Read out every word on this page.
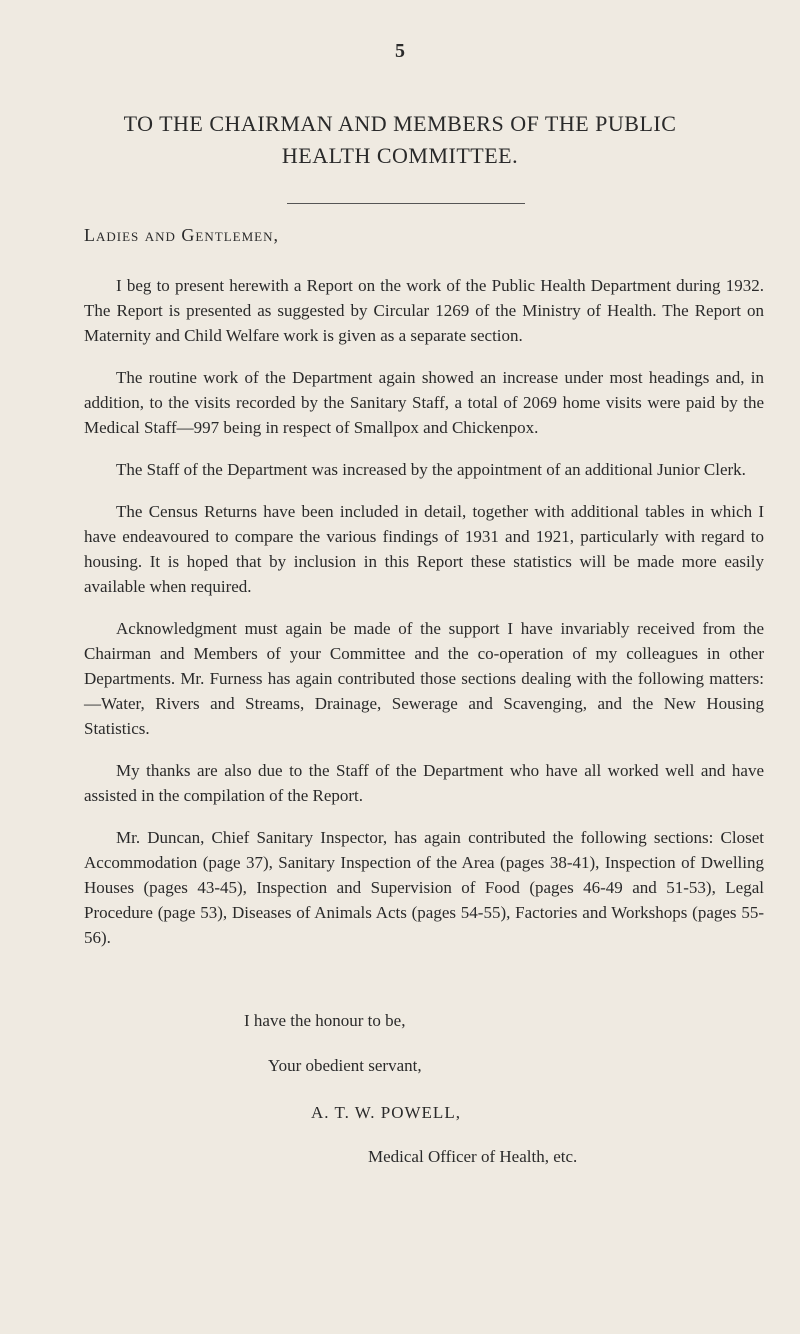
5
TO THE CHAIRMAN AND MEMBERS OF THE PUBLIC
HEALTH COMMITTEE.
Ladies and Gentlemen,

I beg to present herewith a Report on the work of the Public Health Department during 1932. The Report is presented as suggested by Circular 1269 of the Ministry of Health. The Report on Maternity and Child Welfare work is given as a separate section.

The routine work of the Department again showed an increase under most headings and, in addition, to the visits recorded by the Sanitary Staff, a total of 2069 home visits were paid by the Medical Staff—997 being in respect of Smallpox and Chickenpox.

The Staff of the Department was increased by the appointment of an additional Junior Clerk.

The Census Returns have been included in detail, together with additional tables in which I have endeavoured to compare the various findings of 1931 and 1921, particularly with regard to housing. It is hoped that by inclusion in this Report these statistics will be made more easily available when required.

Acknowledgment must again be made of the support I have invariably received from the Chairman and Members of your Committee and the co-operation of my colleagues in other Departments. Mr. Furness has again contributed those sections dealing with the following matters:—Water, Rivers and Streams, Drainage, Sewerage and Scavenging, and the New Housing Statistics.

My thanks are also due to the Staff of the Department who have all worked well and have assisted in the compilation of the Report.

Mr. Duncan, Chief Sanitary Inspector, has again contributed the following sections: Closet Accommodation (page 37), Sanitary Inspection of the Area (pages 38-41), Inspection of Dwelling Houses (pages 43-45), Inspection and Supervision of Food (pages 46-49 and 51-53), Legal Procedure (page 53), Diseases of Animals Acts (pages 54-55), Factories and Workshops (pages 55-56).

I have the honour to be,
Your obedient servant,
A. T. W. POWELL,
Medical Officer of Health, etc.
